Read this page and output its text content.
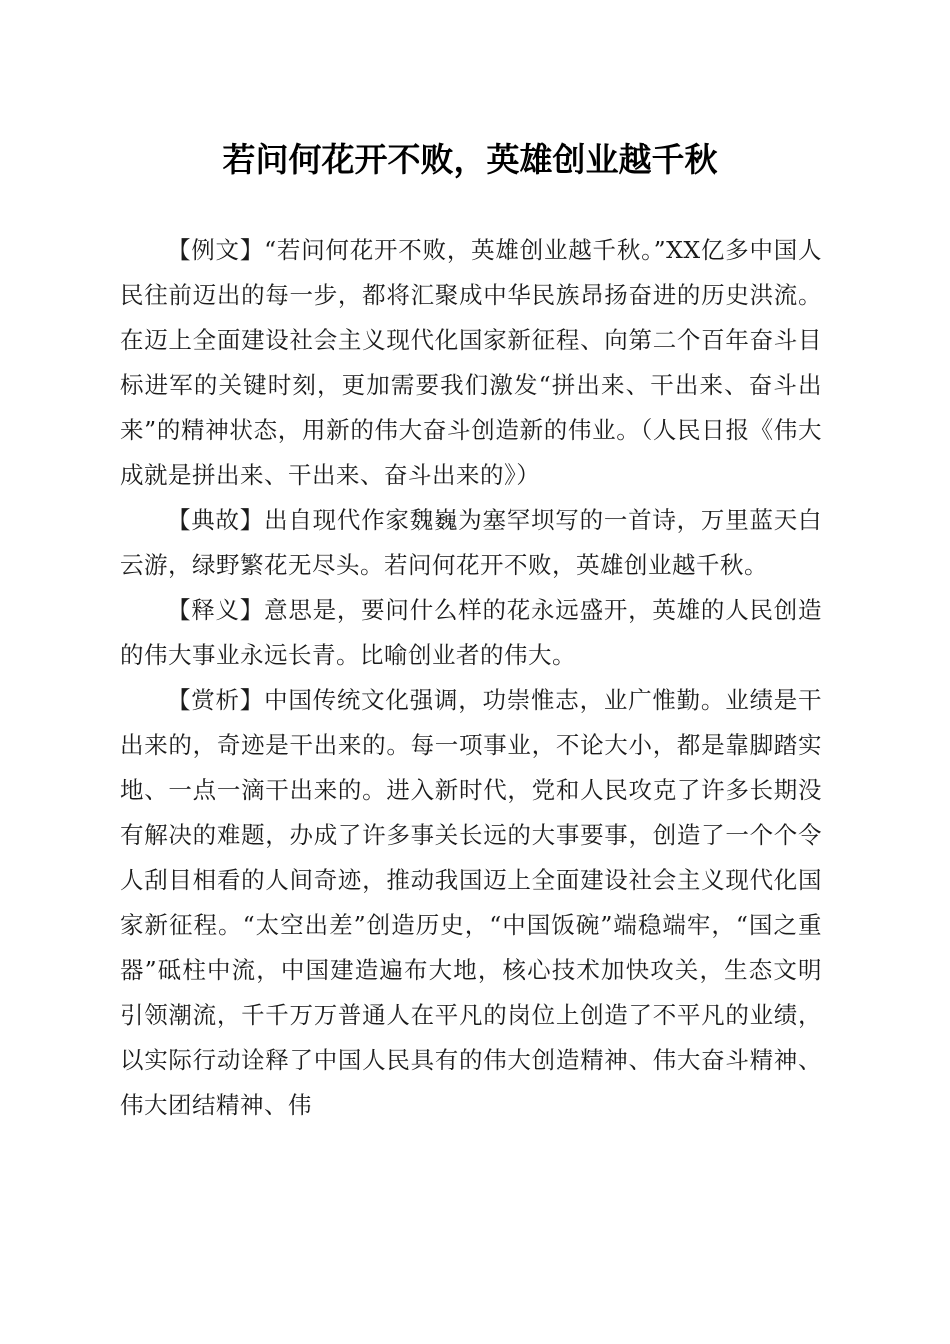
若问何花开不败，英雄创业越千秋

【例文】“若问何花开不败，英雄创业越千秋。”XX亿多中国人民往前迈出的每一步，都将汇聚成中华民族昂扬奋进的历史洪流。在迈上全面建设社会主义现代化国家新征程、向第二个百年奋斗目标进军的关键时刻，更加需要我们激发“拼出来、干出来、奋斗出来”的精神状态，用新的伟大奋斗创造新的伟业。（人民日报《伟大成就是拼出来、干出来、奋斗出来的》）

【典故】出自现代作家魏巍为塞罕坝写的一首诗，万里蓝天白云游，绿野繁花无尽头。若问何花开不败，英雄创业越千秋。

【释义】意思是，要问什么样的花永远盛开，英雄的人民创造的伟大事业永远长青。比喻创业者的伟大。

【赏析】中国传统文化强调，功崇惟志，业广惟勤。业绩是干出来的，奇迹是干出来的。每一项事业，不论大小，都是靠脚踏实地、一点一滴干出来的。进入新时代，党和人民攻克了许多长期没有解决的难题，办成了许多事关长远的大事要事，创造了一个个令人刮目相看的人间奇迹，推动我国迈上全面建设社会主义现代化国家新征程。“太空出差”创造历史，“中国饭碗”端稳端牢，“国之重器”砥柱中流，中国建造遍布大地，核心技术加快攻关，生态文明引领潮流，千千万万普通人在平凡的岗位上创造了不平凡的业绩，以实际行动诠释了中国人民具有的伟大创造精神、伟大奋斗精神、伟大团结精神、伟
